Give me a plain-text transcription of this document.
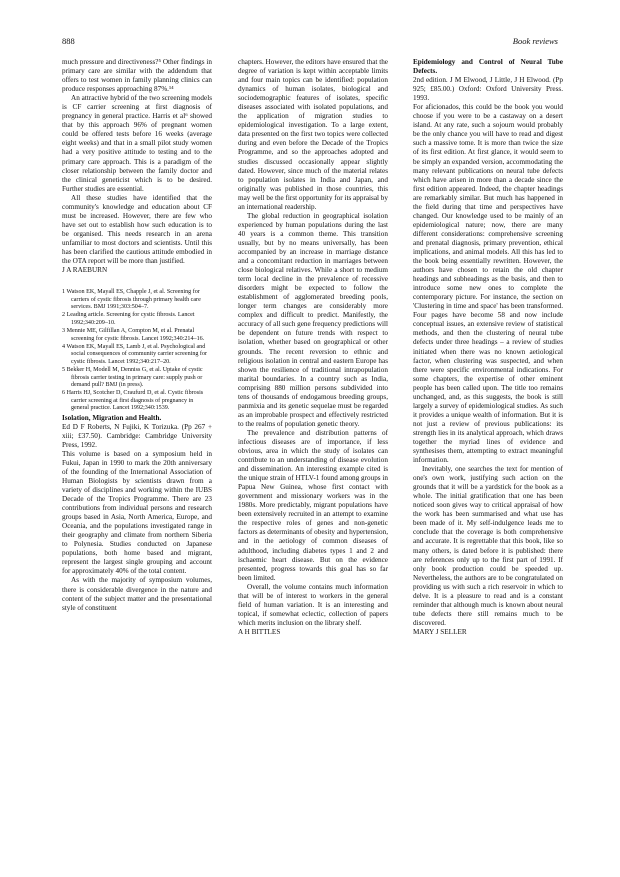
888	Book reviews

much pressure and directiveness?⁵ Other findings in primary care are similar with the addendum that offers to test women in family planning clinics can produce responses approaching 87%.¹⁴

An attractive hybrid of the two screening models is CF carrier screening at first diagnosis of pregnancy in general practice. Harris et al⁶ showed that by this approach 96% of pregnant women could be offered tests before 16 weeks (average eight weeks) and that in a small pilot study women had a very positive attitude to testing and to the primary care approach. This is a paradigm of the closer relationship between the family doctor and the clinical geneticist which is to be desired. Further studies are essential.

All these studies have identified that the community's knowledge and education about CF must be increased. However, there are few who have set out to establish how such education is to be organised. This needs research in an arena unfamiliar to most doctors and scientists. Until this has been clarified the cautious attitude embodied in the OTA report will be more than justified.

J A RAEBURN

1 Watson EK, Mayall ES, Chapple J, et al. Screening for carriers of cystic fibrosis through primary health care services. BMJ 1991;303:504–7.
2 Leading article. Screening for cystic fibrosis. Lancet 1992;340:209–10.
3 Mennie ME, Gilfillan A, Compton M, et al. Prenatal screening for cystic fibrosis. Lancet 1992;340:214–16.
4 Watson EK, Mayall ES, Lamb J, et al. Psychological and social consequences of community carrier screening for cystic fibrosis. Lancet 1992;340:217–20.
5 Bekker H, Modell M, Denniss G, et al. Uptake of cystic fibrosis carrier testing in primary care: supply push or demand pull? BMJ (in press).
6 Harris HJ, Scotcher D, Craufurd D, et al. Cystic fibrosis carrier screening at first diagnosis of pregnancy in general practice. Lancet 1992;340:1539.

Isolation, Migration and Health.

Ed D F Roberts, N Fujiki, K Torizuka. (Pp 267 + xiii; £37.50). Cambridge: Cambridge University Press, 1992.

This volume is based on a symposium held in Fukui, Japan in 1990 to mark the 20th anniversary of the founding of the International Association of Human Biologists by scientists drawn from a variety of disciplines and working within the IUBS Decade of the Tropics Programme. There are 23 contributions from individual persons and research groups based in Asia, North America, Europe, and Oceania, and the populations investigated range in their geography and climate from northern Siberia to Polynesia. Studies conducted on Japanese populations, both home based and migrant, represent the largest single grouping and account for approximately 40% of the total content.

As with the majority of symposium volumes, there is considerable divergence in the nature and content of the subject matter and the presentational style of constituent

chapters. However, the editors have ensured that the degree of variation is kept within acceptable limits and four main topics can be identified: population dynamics of human isolates, biological and sociodemographic features of isolates, specific diseases associated with isolated populations, and the application of migration studies to epidemiological investigation. To a large extent, data presented on the first two topics were collected during and even before the Decade of the Tropics Programme, and so the approaches adopted and studies discussed occasionally appear slightly dated. However, since much of the material relates to population isolates in India and Japan, and originally was published in those countries, this may well be the first opportunity for its appraisal by an international readership.

The global reduction in geographical isolation experienced by human populations during the last 40 years is a common theme. This transition usually, but by no means universally, has been accompanied by an increase in marriage distance and a concomitant reduction in marriages between close biological relatives. While a short to medium term local decline in the prevalence of recessive disorders might be expected to follow the establishment of agglomerated breeding pools, longer term changes are considerably more complex and difficult to predict. Manifestly, the accuracy of all such gene frequency predictions will be dependent on future trends with respect to isolation, whether based on geographical or other grounds. The recent reversion to ethnic and religious isolation in central and eastern Europe has shown the resilience of traditional intrapopulation marital boundaries. In a country such as India, comprising 880 million persons subdivided into tens of thousands of endogamous breeding groups, panmixia and its genetic sequelae must be regarded as an improbable prospect and effectively restricted to the realms of population genetic theory.

The prevalence and distribution patterns of infectious diseases are of importance, if less obvious, area in which the study of isolates can contribute to an understanding of disease evolution and dissemination. An interesting example cited is the unique strain of HTLV-1 found among groups in Papua New Guinea, whose first contact with government and missionary workers was in the 1980s. More predictably, migrant populations have been extensively recruited in an attempt to examine the respective roles of genes and non-genetic factors as determinants of obesity and hypertension, and in the aetiology of common diseases of adulthood, including diabetes types 1 and 2 and ischaemic heart disease. But on the evidence presented, progress towards this goal has so far been limited.

Overall, the volume contains much information that will be of interest to workers in the general field of human variation. It is an interesting and topical, if somewhat eclectic, collection of papers which merits inclusion on the library shelf.

A H BITTLES

Epidemiology and Control of Neural Tube Defects.

2nd edition. J M Elwood, J Little, J H Elwood. (Pp 925; £85.00.) Oxford: Oxford University Press. 1993.

For aficionados, this could be the book you would choose if you were to be a castaway on a desert island. At any rate, such a sojourn would probably be the only chance you will have to read and digest such a massive tome. It is more than twice the size of its first edition. At first glance, it would seem to be simply an expanded version, accommodating the many relevant publications on neural tube defects which have arisen in more than a decade since the first edition appeared. Indeed, the chapter headings are remarkably similar. But much has happened in the field during that time and perspectives have changed. Our knowledge used to be mainly of an epidemiological nature; now, there are many different considerations: comprehensive screening and prenatal diagnosis, primary prevention, ethical implications, and animal models. All this has led to the book being essentially rewritten. However, the authors have chosen to retain the old chapter headings and subheadings as the basis, and then to introduce some new ones to complete the contemporary picture. For instance, the section on 'Clustering in time and space' has been transformed. Four pages have become 58 and now include conceptual issues, an extensive review of statistical methods, and then the clustering of neural tube defects under three headings – a review of studies initiated when there was no known aetiological factor, when clustering was suspected, and when there were specific environmental indications. For some chapters, the expertise of other eminent people has been called upon. The title too remains unchanged, and, as this suggests, the book is still largely a survey of epidemiological studies. As such it provides a unique wealth of information. But it is not just a review of previous publications: its strength lies in its analytical approach, which draws together the myriad lines of evidence and synthesises them, attempting to extract meaningful information.

Inevitably, one searches the text for mention of one's own work, justifying such action on the grounds that it will be a yardstick for the book as a whole. The initial gratification that one has been noticed soon gives way to critical appraisal of how the work has been summarised and what use has been made of it. My self-indulgence leads me to conclude that the coverage is both comprehensive and accurate. It is regrettable that this book, like so many others, is dated before it is published: there are references only up to the first part of 1991. If only book production could be speeded up. Nevertheless, the authors are to be congratulated on providing us with such a rich reservoir in which to delve. It is a pleasure to read and is a constant reminder that although much is known about neural tube defects there still remains much to be discovered.

MARY J SELLER
